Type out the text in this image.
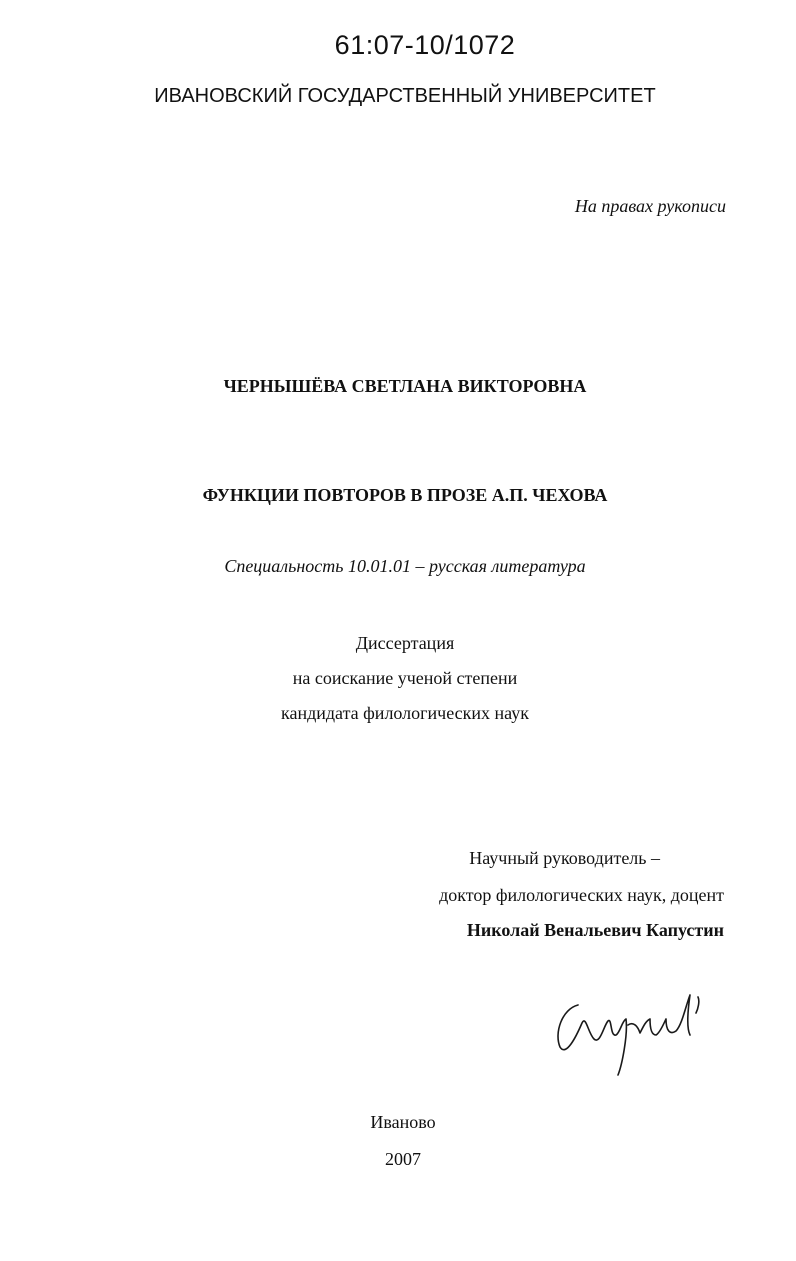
61:07-10/1072
ИВАНОВСКИЙ ГОСУДАРСТВЕННЫЙ УНИВЕРСИТЕТ
На правах рукописи
ЧЕРНЫШЁВА СВЕТЛАНА ВИКТОРОВНА
ФУНКЦИИ ПОВТОРОВ В ПРОЗЕ А.П. ЧЕХОВА
Специальность 10.01.01 – русская литература
Диссертация
на соискание ученой степени
кандидата филологических наук
Научный руководитель –
доктор филологических наук, доцент
Николай Венальевич Капустин
Иваново
2007
